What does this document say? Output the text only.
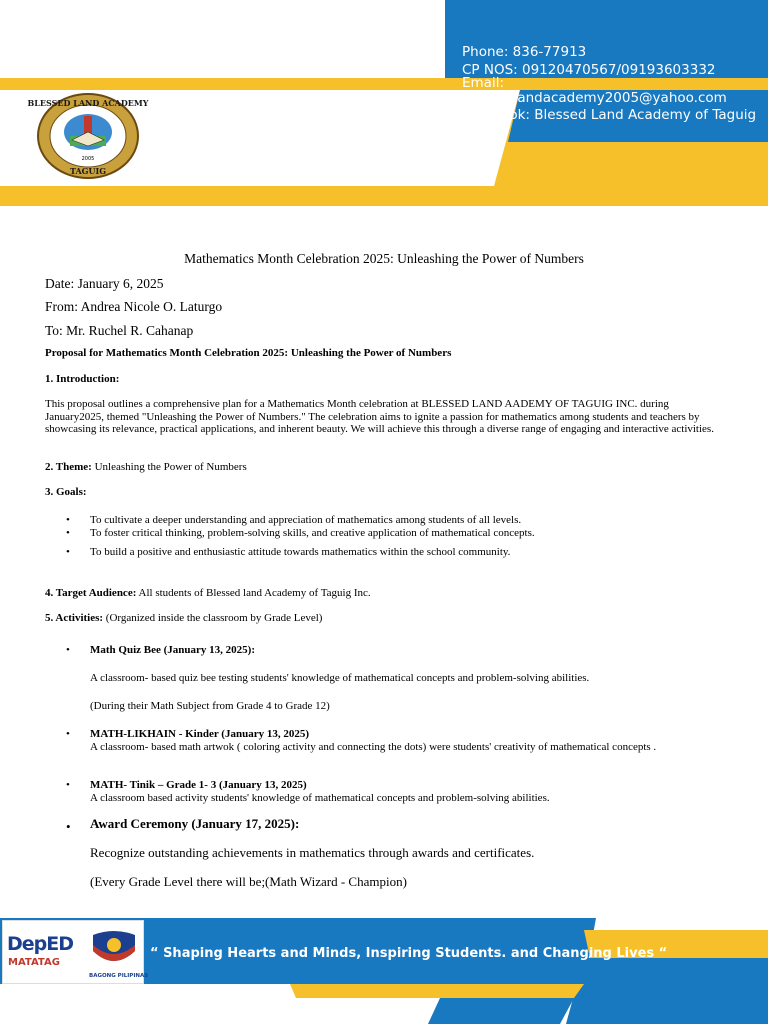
Phone: 836-77913
CP NOS: 09120470567/09193603332
Email:
blessedlandacademy2005@yahoo.com
Facebook: Blessed Land Academy of Taguig
2005
BLESSED LAND ACADEMY
TAGUIG
Mathematics Month Celebration 2025: Unleashing the Power of Numbers
Date: January 6, 2025
From: Andrea Nicole O. Laturgo
To: Mr. Ruchel R. Cahanap
Proposal for Mathematics Month Celebration 2025: Unleashing the Power of Numbers
1. Introduction:
This proposal outlines a comprehensive plan for a Mathematics Month celebration at BLESSED LAND AADEMY OF TAGUIG INC. during January2025, themed "Unleashing the Power of Numbers." The celebration aims to ignite a passion for mathematics among students and teachers by showcasing its relevance, practical applications, and inherent beauty. We will achieve this through a diverse range of engaging and interactive activities.
2. Theme: Unleashing the Power of Numbers
3. Goals:
• To cultivate a deeper understanding and appreciation of mathematics among students of all levels.
• To foster critical thinking, problem-solving skills, and creative application of mathematical concepts.
• To build a positive and enthusiastic attitude towards mathematics within the school community.
4. Target Audience: All students of Blessed land Academy of Taguig Inc.
5. Activities: (Organized inside the classroom by Grade Level)
• Math Quiz Bee (January 13, 2025):
A classroom- based quiz bee testing students' knowledge of mathematical concepts and problem-solving abilities.
(During their Math Subject from Grade 4 to Grade 12)
• MATH-LIKHAIN - Kinder (January 13, 2025)
A classroom- based math artwok ( coloring activity and connecting the dots) were students' creativity of mathematical concepts .
• MATH- Tinik – Grade 1- 3 (January 13, 2025)
A classroom based activity students' knowledge of mathematical concepts and problem-solving abilities.
• Award Ceremony (January 17, 2025):
Recognize outstanding achievements in mathematics through awards and certificates.
(Every Grade Level there will be;(Math Wizard - Champion)
DepED
MATATAG
BAGONG PILIPINAS
“ Shaping Hearts and Minds, Inspiring Students. and Changing Lives “
